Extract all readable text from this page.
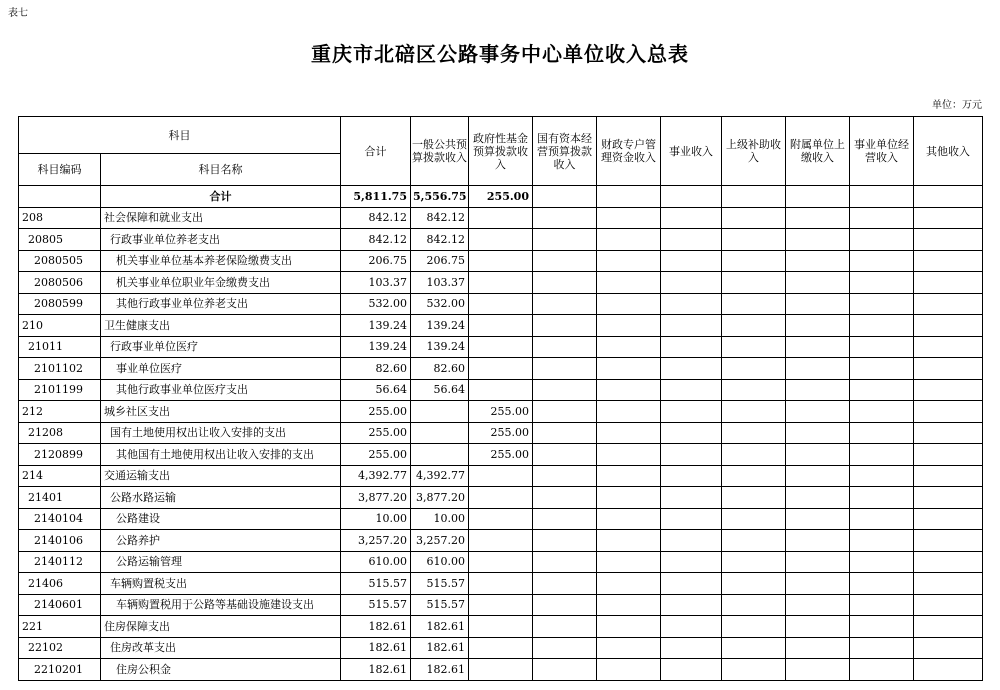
表七
重庆市北碚区公路事务中心单位收入总表
单位：万元
科目		合计	一般公共预算拨款收入	政府性基金预算拨款收入	国有资本经营预算拨款收入	财政专户管理资金收入	事业收入	上级补助收入	附属单位上缴收入	事业单位经营收入	其他收入
科目编码	科目名称										
	合计	5,811.75	5,556.75	255.00							
208	社会保障和就业支出	842.12	842.12								
20805	行政事业单位养老支出	842.12	842.12								
2080505	机关事业单位基本养老保险缴费支出	206.75	206.75								
2080506	机关事业单位职业年金缴费支出	103.37	103.37								
2080599	其他行政事业单位养老支出	532.00	532.00								
210	卫生健康支出	139.24	139.24								
21011	行政事业单位医疗	139.24	139.24								
2101102	事业单位医疗	82.60	82.60								
2101199	其他行政事业单位医疗支出	56.64	56.64								
212	城乡社区支出	255.00		255.00							
21208	国有土地使用权出让收入安排的支出	255.00		255.00							
2120899	其他国有土地使用权出让收入安排的支出	255.00		255.00							
214	交通运输支出	4,392.77	4,392.77								
21401	公路水路运输	3,877.20	3,877.20								
2140104	公路建设	10.00	10.00								
2140106	公路养护	3,257.20	3,257.20								
2140112	公路运输管理	610.00	610.00								
21406	车辆购置税支出	515.57	515.57								
2140601	车辆购置税用于公路等基础设施建设支出	515.57	515.57								
221	住房保障支出	182.61	182.61								
22102	住房改革支出	182.61	182.61								
2210201	住房公积金	182.61	182.61								
